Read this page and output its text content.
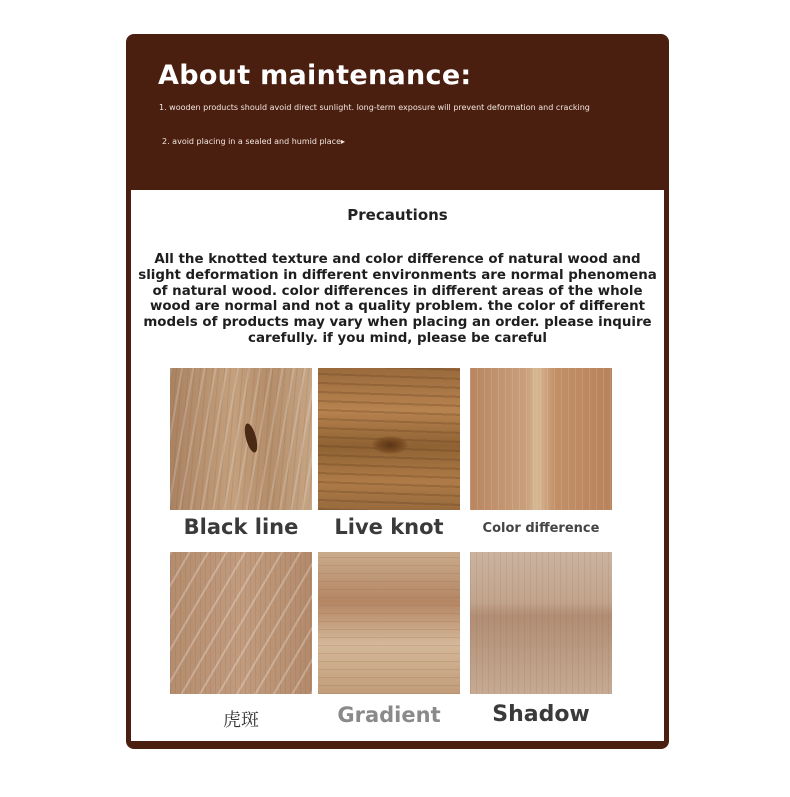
About maintenance:

1. wooden products should avoid direct sunlight. long-term exposure will prevent deformation and cracking

2. avoid placing in a sealed and humid place▸

Precautions

All the knotted texture and color difference of natural wood and slight deformation in different environments are normal phenomena of natural wood. color differences in different areas of the whole wood are normal and not a quality problem. the color of different models of products may vary when placing an order. please inquire carefully. if you mind, please be careful

Black line	Live knot	Color difference
虎斑	Gradient	Shadow
